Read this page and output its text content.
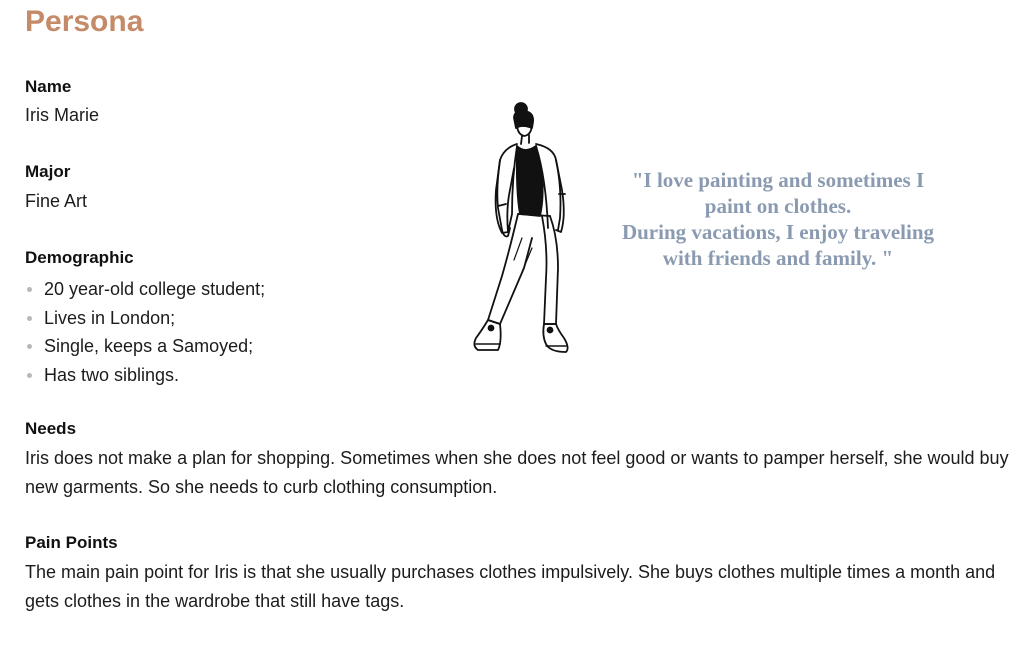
Persona
Name
Iris Marie
Major
Fine Art
Demographic
20 year-old college student;
Lives in London;
Single, keeps a Samoyed;
Has two siblings.
Needs
Iris does not make a plan for shopping. Sometimes when she does not feel good or wants to pamper herself, she would buy new garments. So she needs to curb clothing consumption.
Pain Points
The main pain point for Iris is that she usually purchases clothes impulsively. She buys clothes multiple times a month and gets clothes in the wardrobe that still have tags.
"I love painting and sometimes I
paint on clothes.
During vacations, I enjoy traveling
with friends and family. "
